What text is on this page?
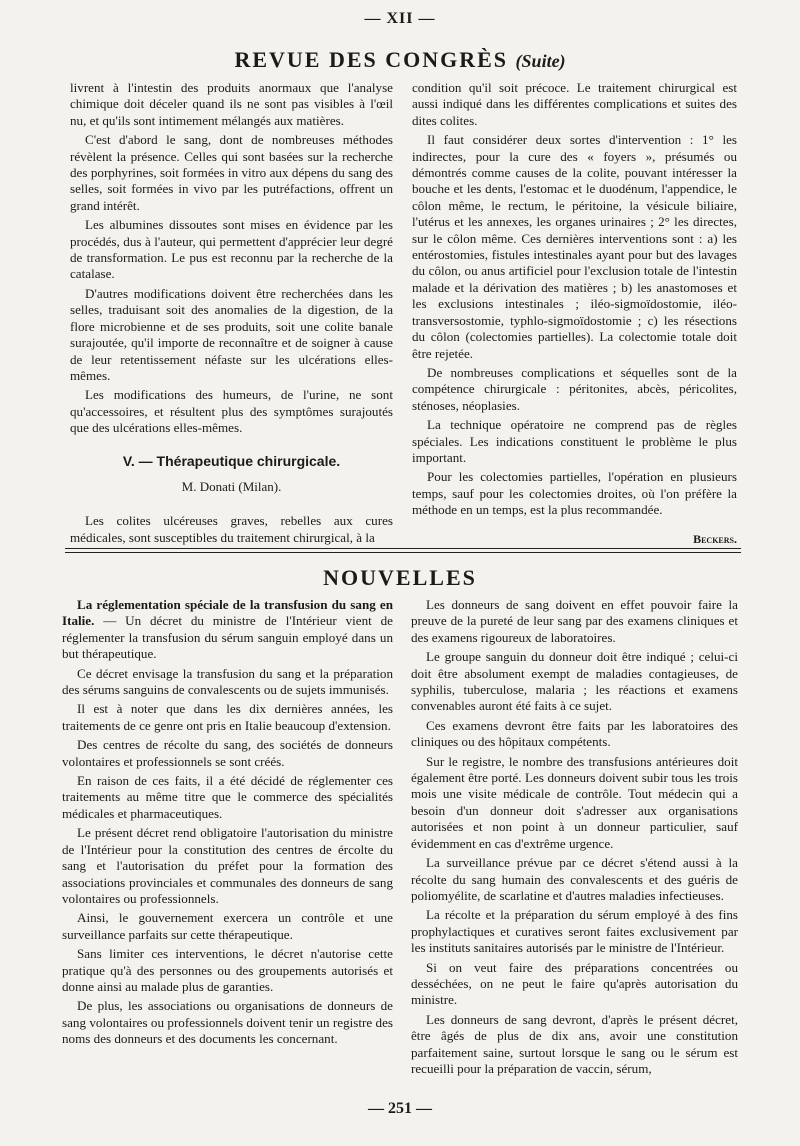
— XII —
REVUE DES CONGRÈS (Suite)

livrent à l'intestin des produits anormaux que l'analyse chimique doit déceler quand ils ne sont pas visibles à l'œil nu, et qu'ils sont intimement mélangés aux matières.

C'est d'abord le sang, dont de nombreuses méthodes révèlent la présence. Celles qui sont basées sur la recherche des porphyrines, soit formées in vitro aux dépens du sang des selles, soit formées in vivo par les putréfactions, offrent un grand intérêt.

Les albumines dissoutes sont mises en évidence par les procédés, dus à l'auteur, qui permettent d'apprécier leur degré de transformation. Le pus est reconnu par la recherche de la catalase.

D'autres modifications doivent être recherchées dans les selles, traduisant soit des anomalies de la digestion, de la flore microbienne et de ses produits, soit une colite banale surajoutée, qu'il importe de reconnaître et de soigner à cause de leur retentissement néfaste sur les ulcérations elles-mêmes.

Les modifications des humeurs, de l'urine, ne sont qu'accessoires, et résultent plus des symptômes surajoutés que des ulcérations elles-mêmes.

V. — Thérapeutique chirurgicale.
M. Donati (Milan).

Les colites ulcéreuses graves, rebelles aux cures médicales, sont susceptibles du traitement chirurgical, à la

condition qu'il soit précoce. Le traitement chirurgical est aussi indiqué dans les différentes complications et suites des dites colites.

Il faut considérer deux sortes d'intervention : 1° les indirectes, pour la cure des « foyers », présumés ou démontrés comme causes de la colite, pouvant intéresser la bouche et les dents, l'estomac et le duodénum, l'appendice, le côlon même, le rectum, le péritoine, la vésicule biliaire, l'utérus et les annexes, les organes urinaires ; 2° les directes, sur le côlon même. Ces dernières interventions sont : a) les entérostomies, fistules intestinales ayant pour but des lavages du côlon, ou anus artificiel pour l'exclusion totale de l'intestin malade et la dérivation des matières ; b) les anastomoses et les exclusions intestinales ; iléo-sigmoïdostomie, iléo-transversostomie, typhlo-sigmoïdostomie ; c) les résections du côlon (colectomies partielles). La colectomie totale doit être rejetée.

De nombreuses complications et séquelles sont de la compétence chirurgicale : péritonites, abcès, péricolites, sténoses, néoplasies.

La technique opératoire ne comprend pas de règles spéciales. Les indications constituent le problème le plus important.

Pour les colectomies partielles, l'opération en plusieurs temps, sauf pour les colectomies droites, où l'on préfère la méthode en un temps, est la plus recommandée.

Beckers.
NOUVELLES

La réglementation spéciale de la transfusion du sang en Italie. — Un décret du ministre de l'Intérieur vient de réglementer la transfusion du sérum sanguin employé dans un but thérapeutique.

Ce décret envisage la transfusion du sang et la préparation des sérums sanguins de convalescents ou de sujets immunisés.

Il est à noter que dans les dix dernières années, les traitements de ce genre ont pris en Italie beaucoup d'extension.

Des centres de récolte du sang, des sociétés de donneurs volontaires et professionnels se sont créés.

En raison de ces faits, il a été décidé de réglementer ces traitements au même titre que le commerce des spécialités médicales et pharmaceutiques.

Le présent décret rend obligatoire l'autorisation du ministre de l'Intérieur pour la constitution des centres de ércolte du sang et l'autorisation du préfet pour la formation des associations provinciales et communales des donneurs de sang volontaires ou professionnels.

Ainsi, le gouvernement exercera un contrôle et une surveillance parfaits sur cette thérapeutique.

Sans limiter ces interventions, le décret n'autorise cette pratique qu'à des personnes ou des groupements autorisés et donne ainsi au malade plus de garanties.

De plus, les associations ou organisations de donneurs de sang volontaires ou professionnels doivent tenir un registre des noms des donneurs et des documents les concernant.

Les donneurs de sang doivent en effet pouvoir faire la preuve de la pureté de leur sang par des examens cliniques et des examens rigoureux de laboratoires.

Le groupe sanguin du donneur doit être indiqué ; celui-ci doit être absolument exempt de maladies contagieuses, de syphilis, tuberculose, malaria ; les réactions et examens convenables auront été faits à ce sujet.

Ces examens devront être faits par les laboratoires des cliniques ou des hôpitaux compétents.

Sur le registre, le nombre des transfusions antérieures doit également être porté. Les donneurs doivent subir tous les trois mois une visite médicale de contrôle. Tout médecin qui a besoin d'un donneur doit s'adresser aux organisations autorisées et non point à un donneur particulier, sauf évidemment en cas d'extrême urgence.

La surveillance prévue par ce décret s'étend aussi à la récolte du sang humain des convalescents et des guéris de poliomyélite, de scarlatine et d'autres maladies infectieuses.

La récolte et la préparation du sérum employé à des fins prophylactiques et curatives seront faites exclusivement par les instituts sanitaires autorisés par le ministre de l'Intérieur.

Si on veut faire des préparations concentrées ou desséchées, on ne peut le faire qu'après autorisation du ministre.

Les donneurs de sang devront, d'après le présent décret, être âgés de plus de dix ans, avoir une constitution parfaitement saine, surtout lorsque le sang ou le sérum est recueilli pour la préparation de vaccin, sérum,

— 251 —
